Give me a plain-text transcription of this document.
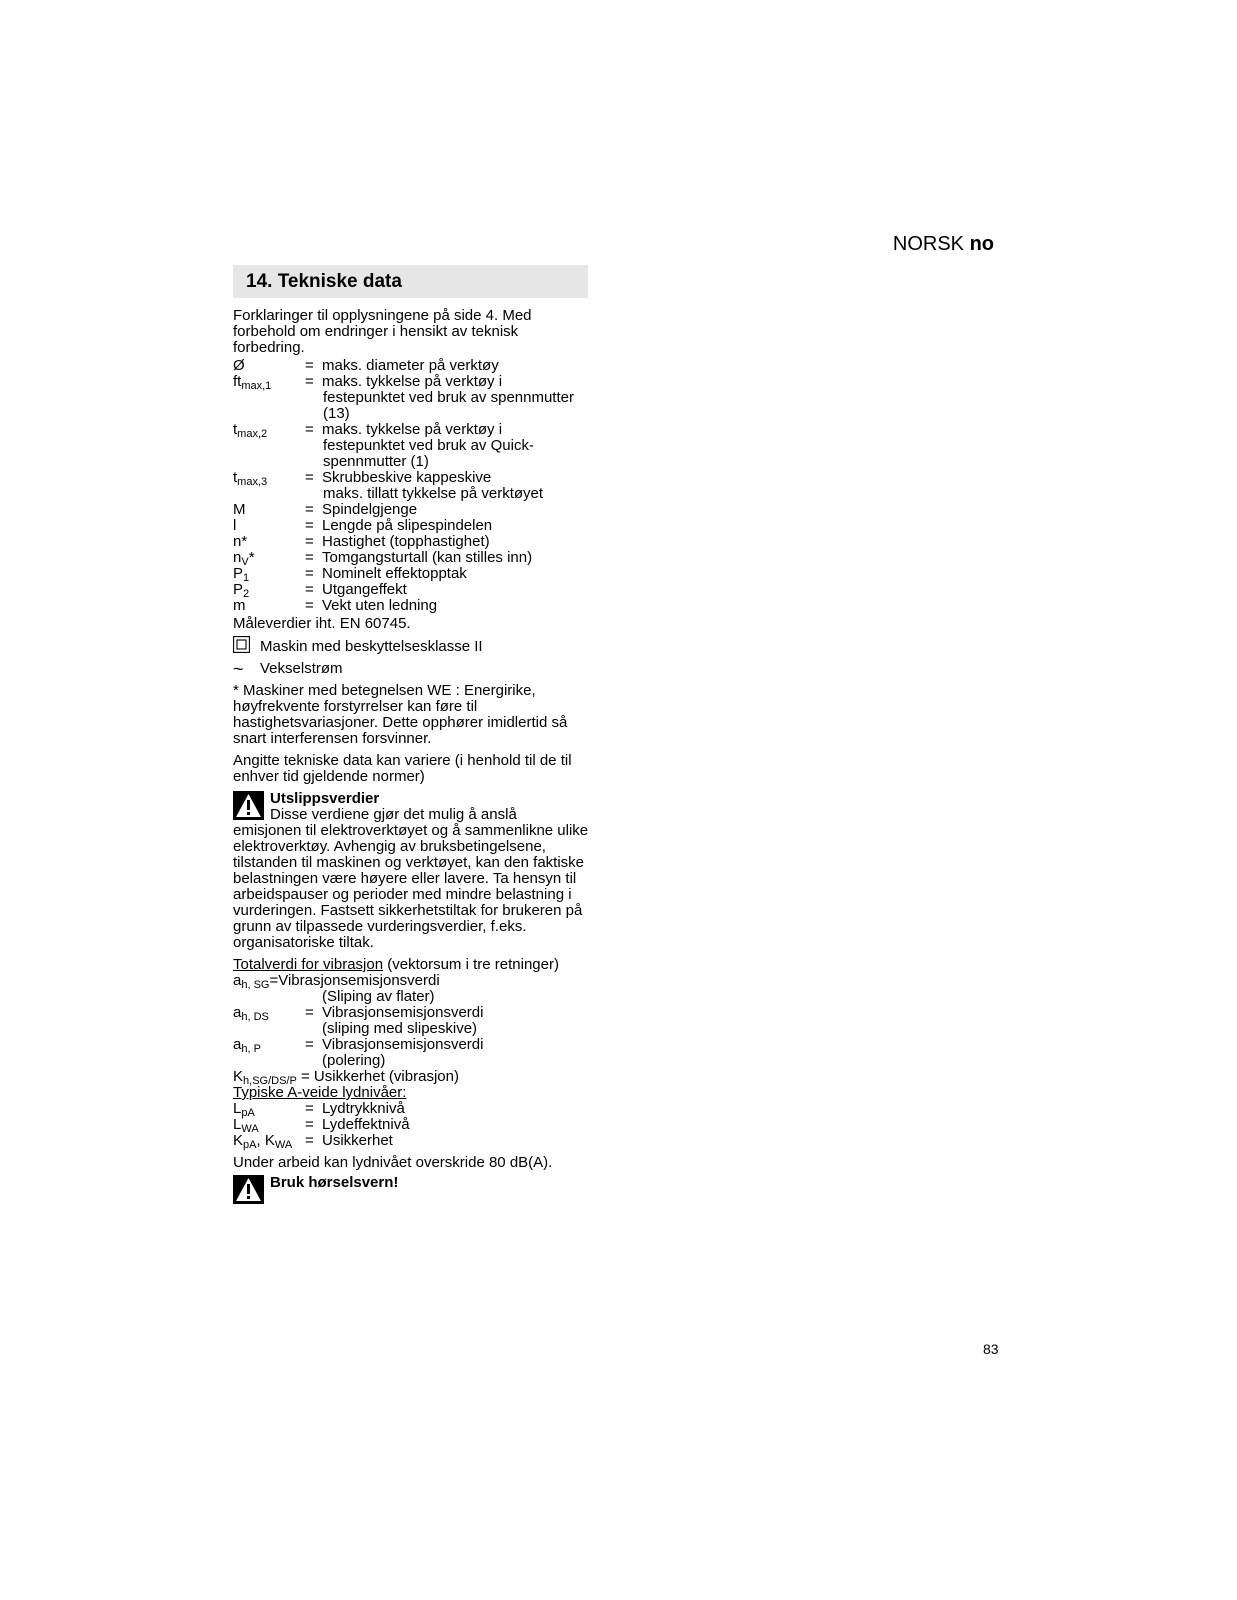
NORSK no
14. Tekniske data
Forklaringer til opplysningene på side 4. Med forbehold om endringer i hensikt av teknisk forbedring.
Ø	= maks. diameter på verktøy
$ft_{max,1}$	= maks. tykkelse på verktøy i
festepunktet ved bruk av spennmutter
(13)
$t_{max,2}$	= maks. tykkelse på verktøy i
festepunktet ved bruk av Quick-
spennmutter (1)
$t_{max,3}$	= Skrubbeskive kappeskive
maks. tillatt tykkelse på verktøyet
M	= Spindelgjenge
l	= Lengde på slipespindelen
n*	= Hastighet (topphastighet)
$n_V*$	= Tomgangsturtall (kan stilles inn)
$P_1$	= Nominelt effektopptak
$P_2$	= Utgangeffekt
m	= Vekt uten ledning
Måleverdier iht. EN 60745.
Maskin med beskyttelsesklasse II
~	Vekselstrøm
* Maskiner med betegnelsen WE : Energirike, høyfrekvente forstyrrelser kan føre til hastighetsvariasjoner. Dette opphører imidlertid så snart interferensen forsvinner.
Angitte tekniske data kan variere (i henhold til de til enhver tid gjeldende normer)
Utslippsverdier
Disse verdiene gjør det mulig å anslå
emisjonen til elektroverktøyet og å sammenlikne ulike elektroverktøy. Avhengig av bruksbetingelsene, tilstanden til maskinen og verktøyet, kan den faktiske belastningen være høyere eller lavere. Ta hensyn til arbeidspauser og perioder med mindre belastning i vurderingen. Fastsett sikkerhetstiltak for brukeren på grunn av tilpassede vurderingsverdier, f.eks. organisatoriske tiltak.
Totalverdi for vibrasjon (vektorsum i tre retninger)
$a_{h, SG}=Vibrasjonsemisjonsverdi$
(Sliping av flater)
$a_{h, DS}$	= Vibrasjonsemisjonsverdi
(sliping med slipeskive)
$a_{h, P}$	= Vibrasjonsemisjonsverdi
(polering)
$K_{h,SG/DS/P}$ = Usikkerhet (vibrasjon)
Typiske A-veide lydnivåer:
$L_{pA}$	= Lydtrykknivå
$L_{WA}$	= Lydeffektnivå
$K_{pA}$, $K_{WA}$ = Usikkerhet
Under arbeid kan lydnivået overskride 80 dB(A).
Bruk hørselsvern!
83
